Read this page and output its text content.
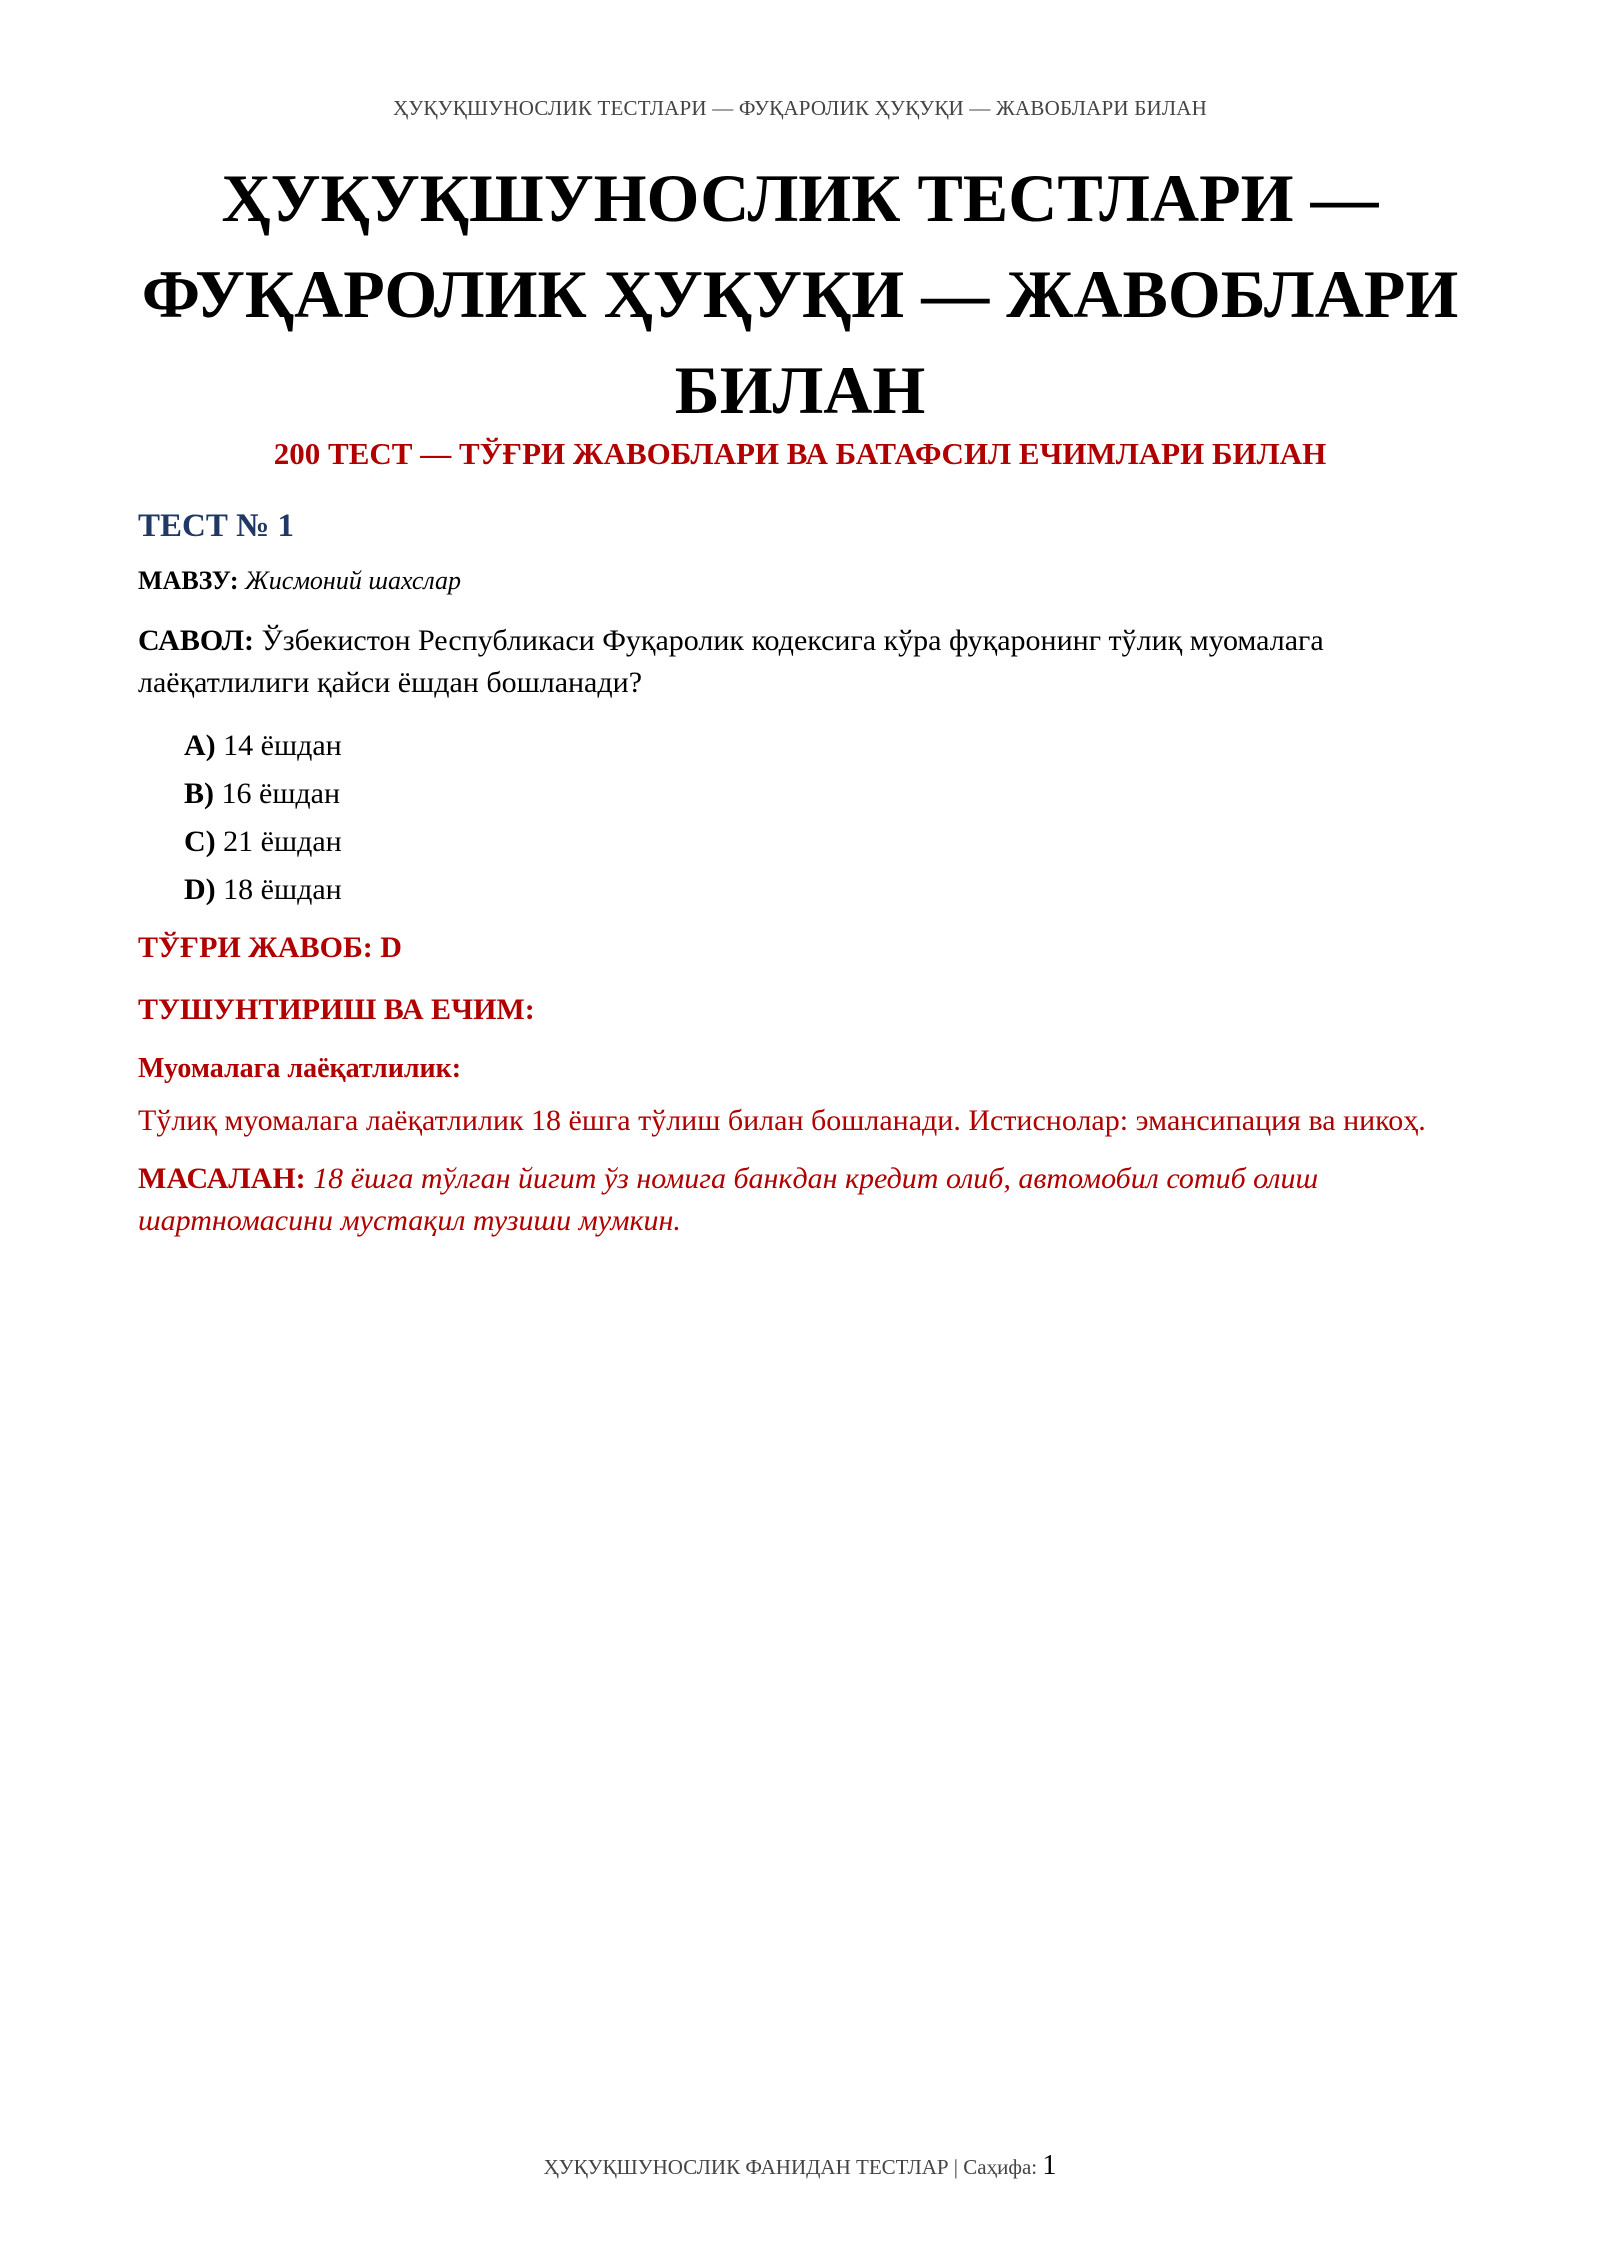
ҲУҚУҚШУНОСЛИК ТЕСТЛАРИ — ФУҚАРОЛИК ҲУҚУҚИ — ЖАВОБЛАРИ БИЛАН
ҲУҚУҚШУНОСЛИК ТЕСТЛАРИ — ФУҚАРОЛИК ҲУҚУҚИ — ЖАВОБЛАРИ БИЛАН
200 ТЕСТ — ТЎҒРИ ЖАВОБЛАРИ ВА БАТАФСИЛ ЕЧИМЛАРИ БИЛАН
ТЕСТ № 1

МАВЗУ: Жисмоний шахслар

САВОЛ: Ўзбекистон Республикаси Фуқаролик кодексига кўра фуқаронинг тўлиқ муомалага лаёқатлилиги қайси ёшдан бошланади?

A) 14 ёшдан
B) 16 ёшдан
C) 21 ёшдан
D) 18 ёшдан
ТЎҒРИ ЖАВОБ: D
ТУШУНТИРИШ ВА ЕЧИМ:
Муомалага лаёқатлилик:

Тўлиқ муомалага лаёқатлилик 18 ёшга тўлиш билан бошланади. Истиснолар: эмансипация ва никоҳ.

МАСАЛАН: 18 ёшга тўлган йигит ўз номига банкдан кредит олиб, автомобил сотиб олиш шартномасини мустақил тузиши мумкин.

ҲУҚУҚШУНОСЛИК ФАНИДАН ТЕСТЛАР | Саҳифа: 1
